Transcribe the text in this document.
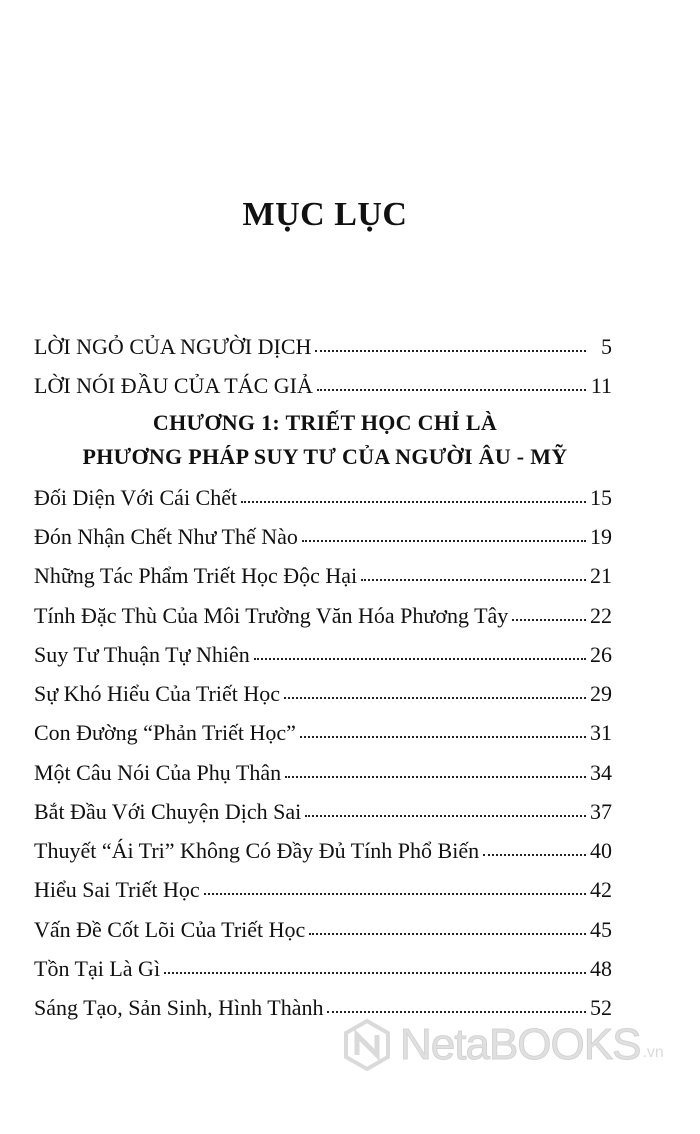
MỤC LỤC
LỜI NGỎ CỦA NGƯỜI DỊCH	5
LỜI NÓI ĐẦU CỦA TÁC GIẢ	11
CHƯƠNG 1: TRIẾT HỌC CHỈ LÀ
PHƯƠNG PHÁP SUY TƯ CỦA NGƯỜI ÂU - MỸ
Đối Diện Với Cái Chết	15
Đón Nhận Chết Như Thế Nào	19
Những Tác Phẩm Triết Học Độc Hại	21
Tính Đặc Thù Của Môi Trường Văn Hóa Phương Tây	22
Suy Tư Thuận Tự Nhiên	26
Sự Khó Hiểu Của Triết Học	29
Con Đường “Phản Triết Học”	31
Một Câu Nói Của Phụ Thân	34
Bắt Đầu Với Chuyện Dịch Sai	37
Thuyết “Ái Tri” Không Có Đầy Đủ Tính Phổ Biến	40
Hiểu Sai Triết Học	42
Vấn Đề Cốt Lõi Của Triết Học	45
Tồn Tại Là Gì	48
Sáng Tạo, Sản Sinh, Hình Thành	52
NetaBOOKS .vn
